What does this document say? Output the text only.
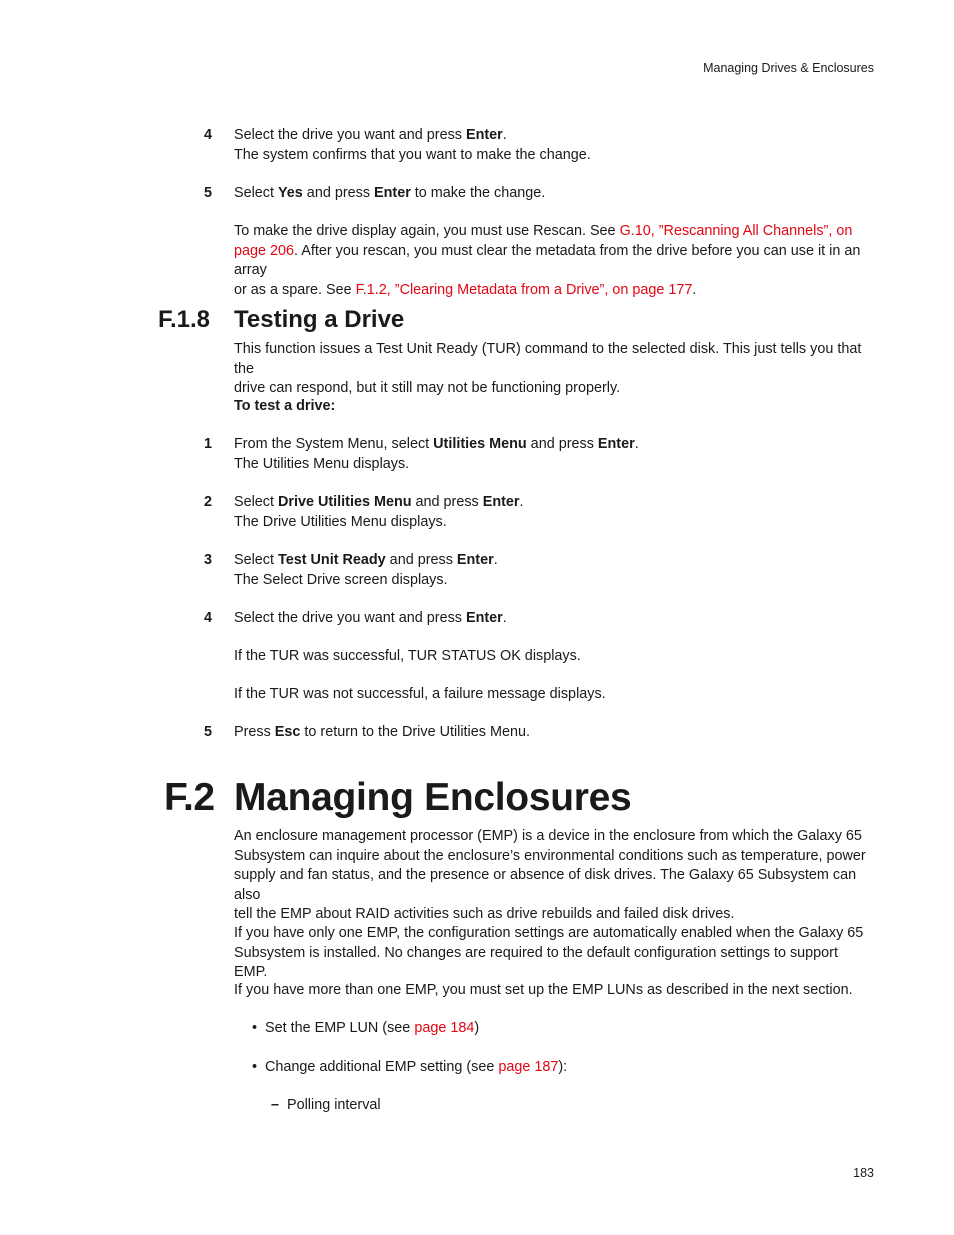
Managing Drives & Enclosures
183
4 Select the drive you want and press Enter.
The system confirms that you want to make the change.

5 Select Yes and press Enter to make the change.

To make the drive display again, you must use Rescan. See G.10, ”Rescanning All Channels”, on
page 206. After you rescan, you must clear the metadata from the drive before you can use it in an array
or as a spare. See F.1.2, ”Clearing Metadata from a Drive”, on page 177.

F.1.8 Testing a Drive

This function issues a Test Unit Ready (TUR) command to the selected disk. This just tells you that the
drive can respond, but it still may not be functioning properly.

To test a drive:

1 From the System Menu, select Utilities Menu and press Enter.
The Utilities Menu displays.

2 Select Drive Utilities Menu and press Enter.
The Drive Utilities Menu displays.

3 Select Test Unit Ready and press Enter.
The Select Drive screen displays.

4 Select the drive you want and press Enter.

If the TUR was successful, TUR STATUS OK displays.

If the TUR was not successful, a failure message displays.

5 Press Esc to return to the Drive Utilities Menu.

F.2 Managing Enclosures

An enclosure management processor (EMP) is a device in the enclosure from which the Galaxy 65
Subsystem can inquire about the enclosure’s environmental conditions such as temperature, power
supply and fan status, and the presence or absence of disk drives. The Galaxy 65 Subsystem can also
tell the EMP about RAID activities such as drive rebuilds and failed disk drives.

If you have only one EMP, the configuration settings are automatically enabled when the Galaxy 65
Subsystem is installed. No changes are required to the default configuration settings to support EMP.

If you have more than one EMP, you must set up the EMP LUNs as described in the next section.

• Set the EMP LUN (see page 184)
• Change additional EMP setting (see page 187):
– Polling interval
